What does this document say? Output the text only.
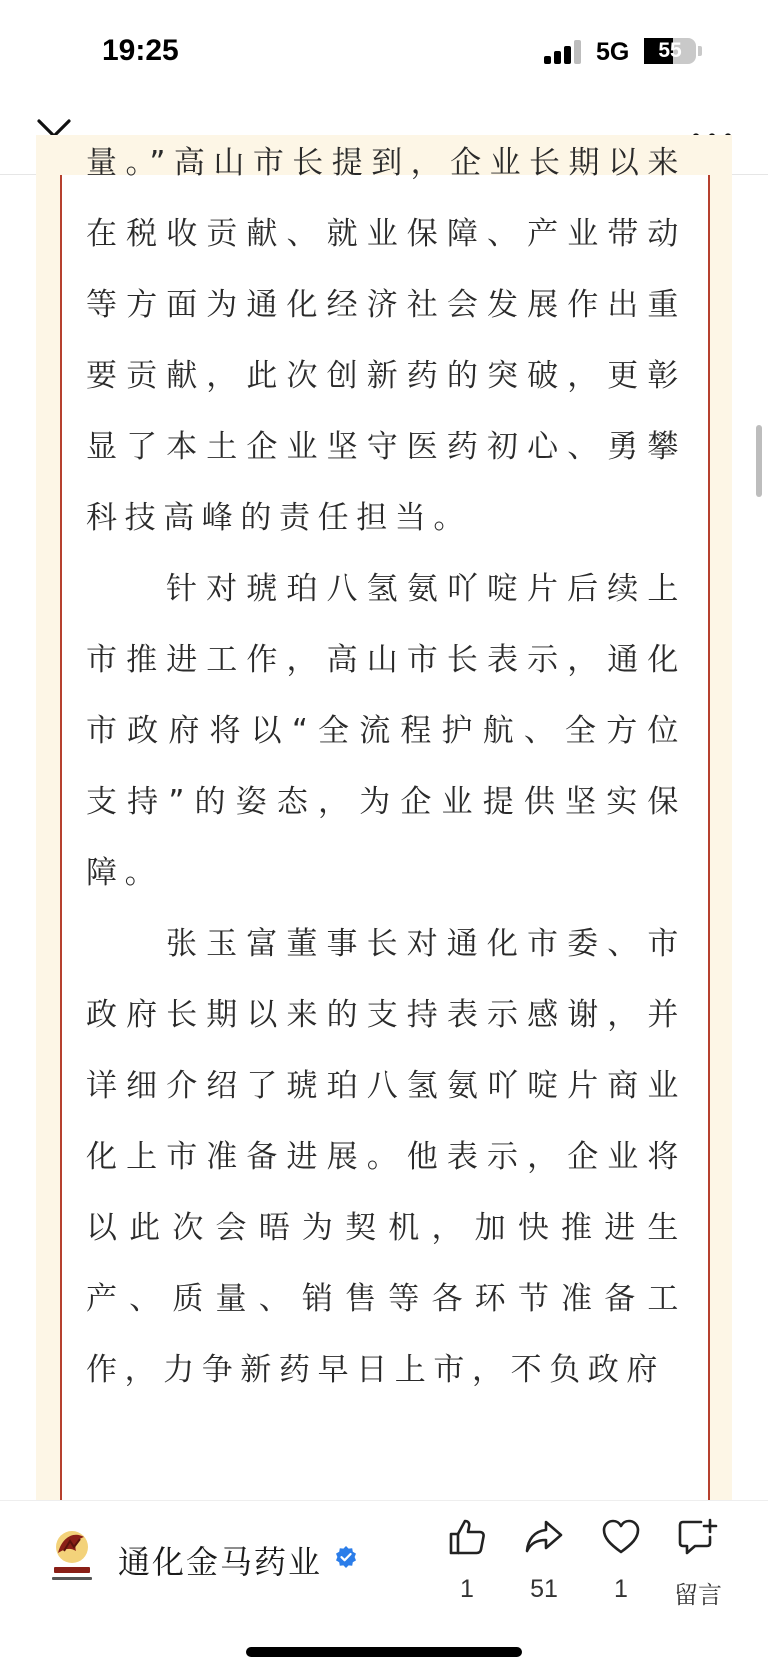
19:25	5G	55

量。”高山市长提到，企业长期以来在税收贡献、就业保障、产业带动等方面为通化经济社会发展作出重要贡献，此次创新药的突破，更彰显了本土企业坚守医药初心、勇攀科技高峰的责任担当。

针对琥珀八氢氨吖啶片后续上市推进工作，高山市长表示，通化市政府将以“全流程护航、全方位支持”的姿态，为企业提供坚实保障。

张玉富董事长对通化市委、市政府长期以来的支持表示感谢，并详细介绍了琥珀八氢氨吖啶片商业化上市准备进展。他表示，企业将以此次会晤为契机，加快推进生产、质量、销售等各环节准备工作，力争新药早日上市，不负政府

通化金马药业
1	51	1	留言
